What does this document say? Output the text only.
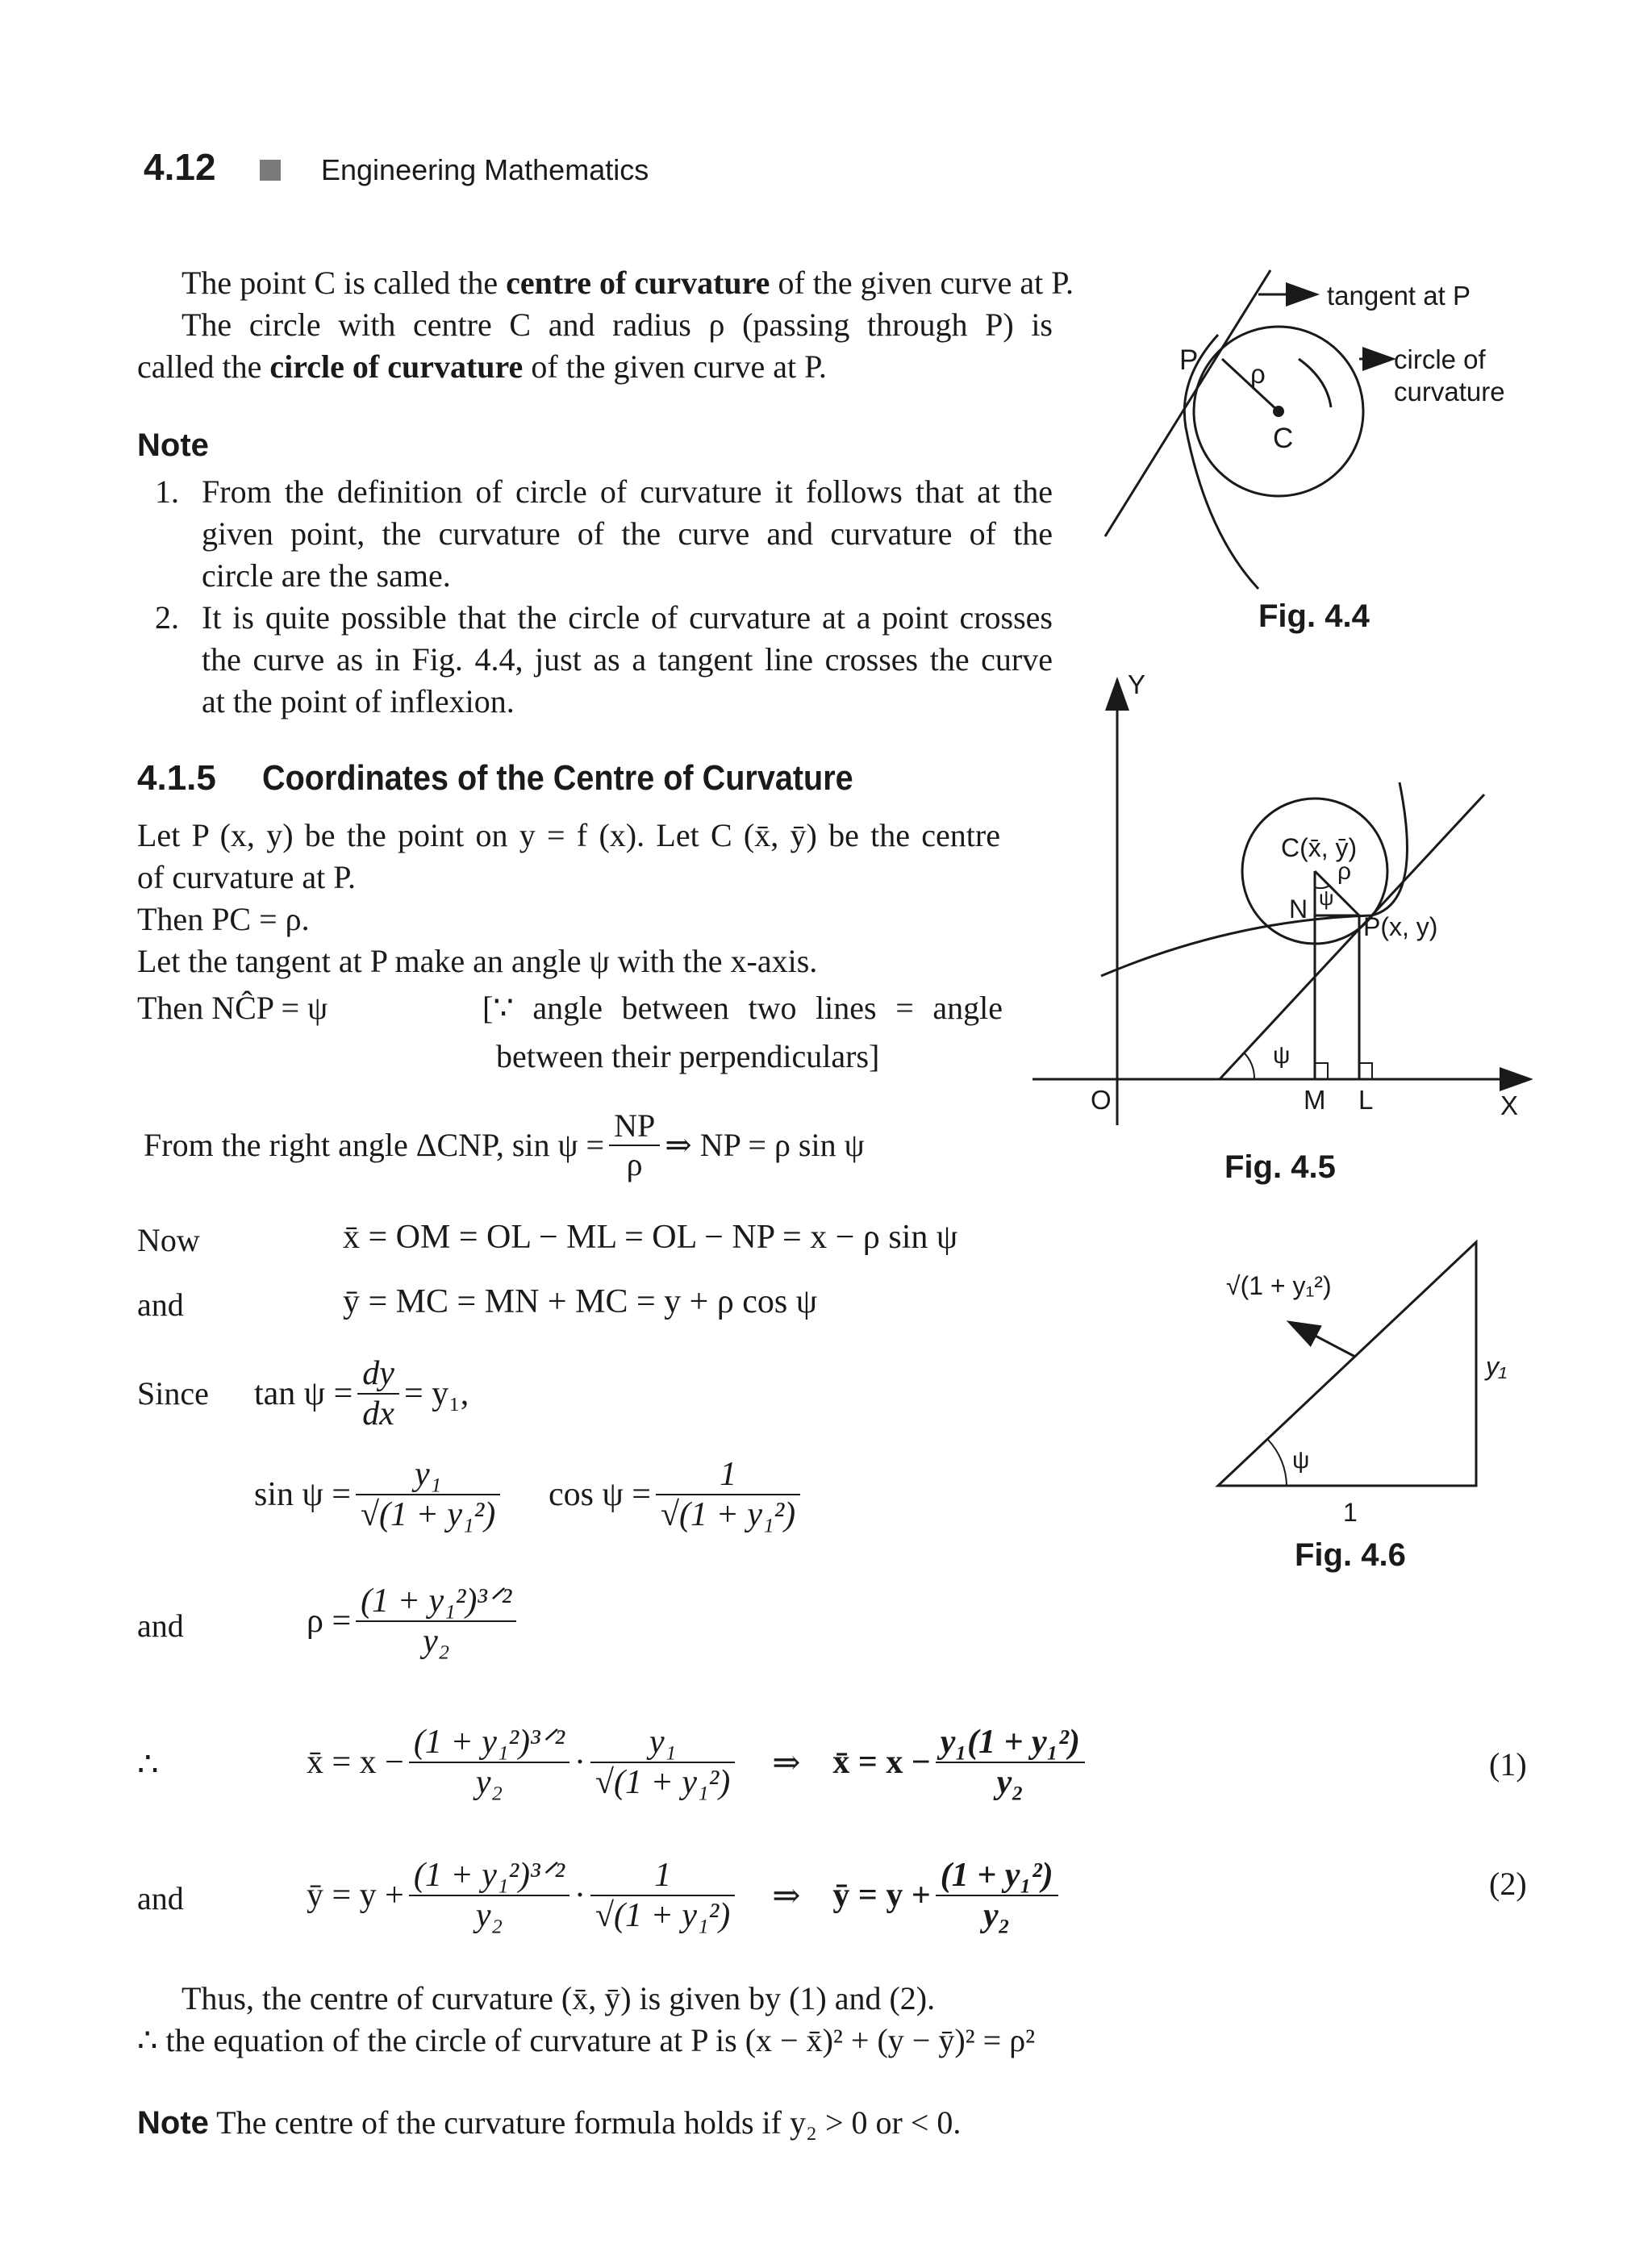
4.12	Engineering Mathematics
The point C is called the centre of curvature of the given curve at P.
The circle with centre C and radius ρ (passing through P) is
called the circle of curvature of the given curve at P.
Note
1. From the definition of circle of curvature it follows that at the
given point, the curvature of the curve and curvature of the
circle are the same.
2. It is quite possible that the circle of curvature at a point crosses
the curve as in Fig. 4.4, just as a tangent line crosses the curve
at the point of inflexion.
4.1.5 Coordinates of the Centre of Curvature
Let P (x, y) be the point on y = f (x). Let C (x̄, ȳ) be the centre
of curvature at P.
Then PC = ρ.
Let the tangent at P make an angle ψ with the x-axis.
Then NĈP = ψ	[∵ angle between two lines = angle
between their perpendiculars]
From the right angle ΔCNP, $\sin \psi = \frac{NP}{\rho}$ ⇒ NP = ρ sin ψ
Now	x̄ = OM = OL − ML = OL − NP = x − ρ sin ψ
and	ȳ = MC = MN + MC = y + ρ cos ψ
Since $\tan \psi = \frac{dy}{dx} = y_1$,
$\sin \psi = \frac{\text{y₁}}{\text{√(1 + y₁²)}}$ $\cos \psi = \frac{1}{\text{√(1 + y₁²)}}$
and	$\rho = \frac{\text{(1 + y₁²)³ᐟ²}}{\text{y₂}}$
∴	x̄ = $x - \frac{\text{(1 + y₁²)³ᐟ²}}{\text{y₂}} \cdot \frac{\text{y₁}}{\text{√(1 + y₁²)}}$ ⇒ x̄ = $x - \frac{\text{y₁(1 + y₁²)}}{\text{y₂}}$	(1)
and	ȳ = $y + \frac{\text{(1 + y₁²)³ᐟ²}}{\text{y₂}} \cdot \frac{1}{\text{√(1 + y₁²)}}$ ⇒ ȳ = $y + \frac{\text{(1 + y₁²)}}{\text{y₂}}$	(2)
Thus, the centre of curvature (x̄, ȳ) is given by (1) and (2).
∴ the equation of the circle of curvature at P is (x − x̄)² + (y − ȳ)² = ρ²
Note The centre of the curvature formula holds if y₂ > 0 or < 0.
tangent at P
circle of
curvature
P ρ
C
Fig. 4.4
Y
X
O
C(x̄, ȳ)
ρ
ψ
N
P(x, y)
ψ
M L
Fig. 4.5
√(1 + y₁²)
y₁
1
ψ
Fig. 4.6
